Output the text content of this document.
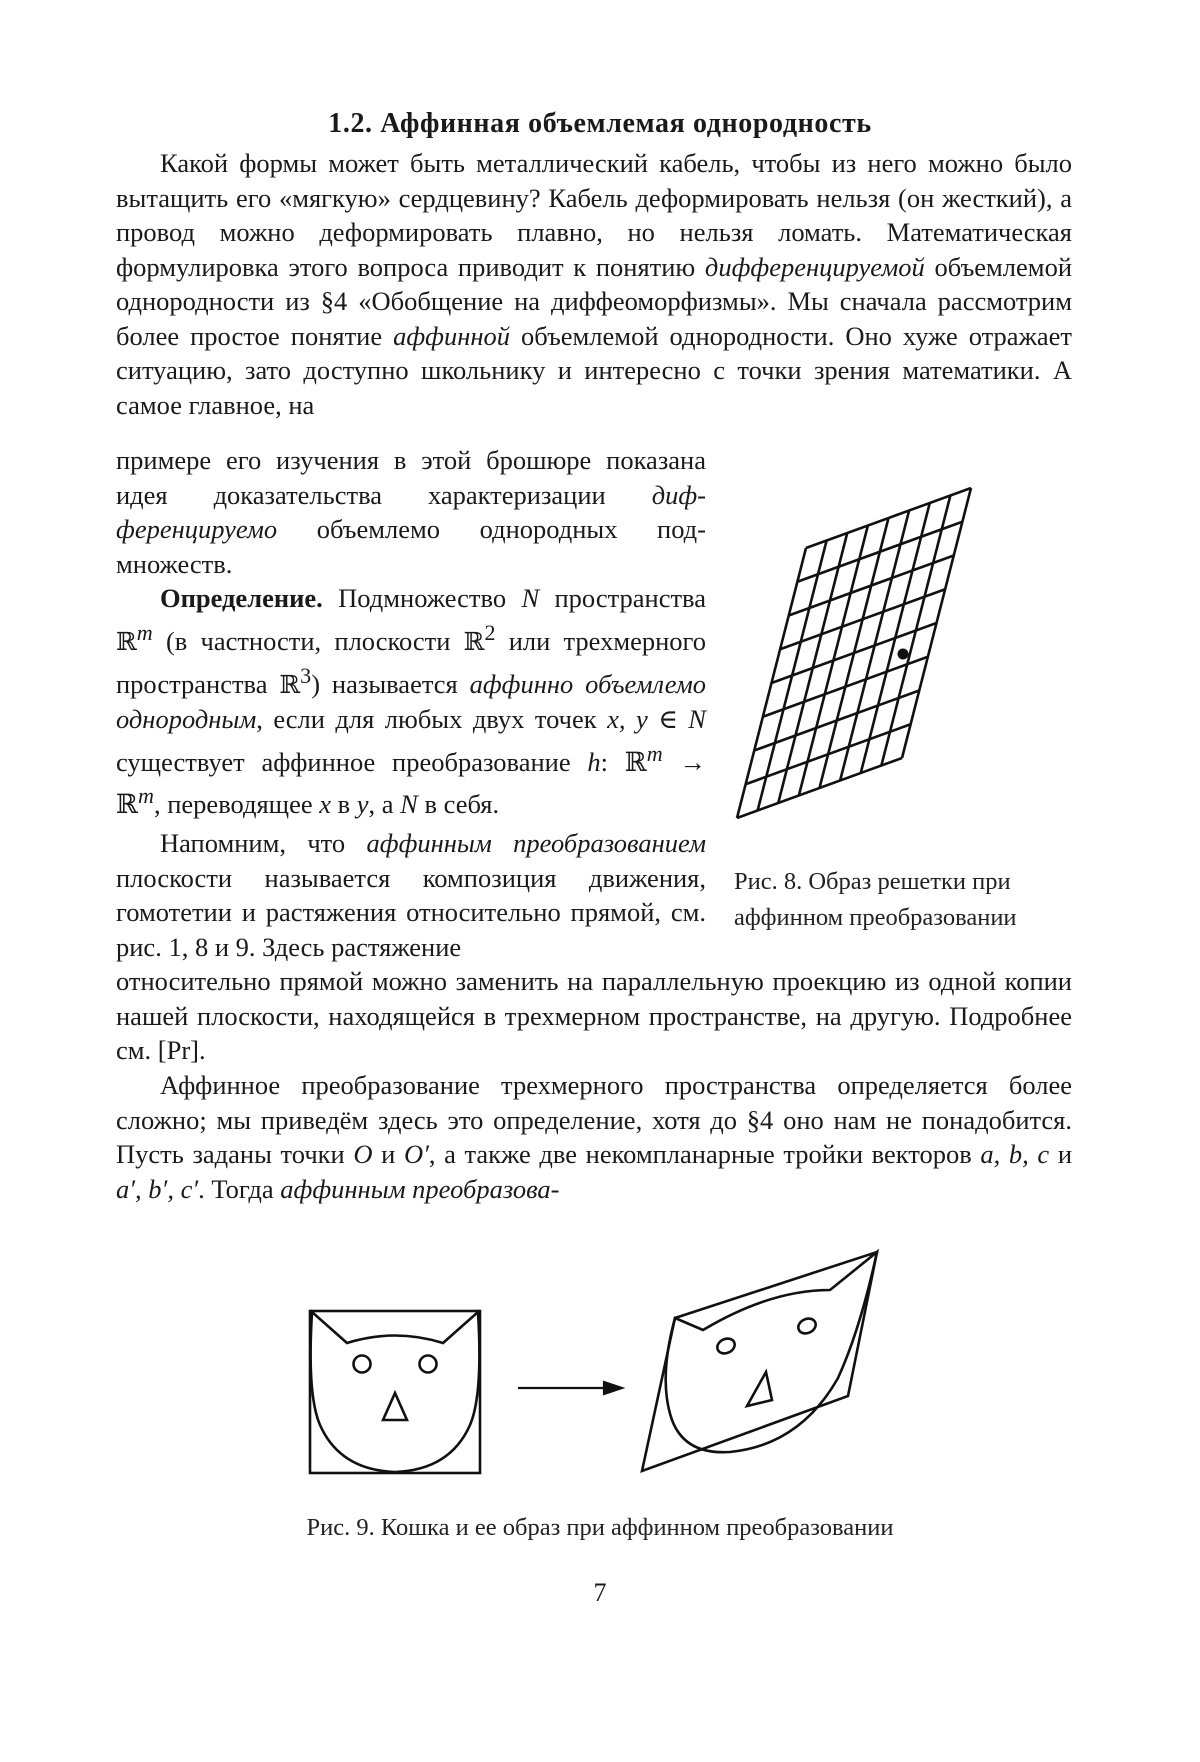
1.2. Аффинная объемлемая однородность

Какой формы может быть металлический кабель, чтобы из него можно было вытащить его «мягкую» сердцевину? Кабель деформировать нельзя (он жесткий), а провод можно деформировать плавно, но нельзя ломать. Математическая формулировка этого вопроса приводит к понятию дифференцируемой объемлемой однородности из §4 «Обобщение на диффеоморфизмы». Мы сначала рассмотрим более простое понятие аффинной объемлемой однородности. Оно хуже отражает ситуацию, зато доступно школьнику и интересно с точки зрения математики. А самое главное, на

примере его изучения в этой брошюре показана идея доказательства характеризации дифференцируемо объемлемо однородных подмножеств.

Определение. Подмножество N пространства ℝ$^m$ (в частности, плоскости ℝ$^2$ или трехмерного пространства ℝ$^3$) называется аффинно объемлемо однородным, если для любых двух точек x, y ∈ N существует аффинное преобразование h: ℝ$^m$ → ℝ$^m$, переводящее x в y, а N в себя.

Напомним, что аффинным преобразованием плоскости называется композиция движения, гомотетии и растяжения относительно прямой, см. рис. 1, 8 и 9. Здесь растяжение

относительно прямой можно заменить на параллельную проекцию из одной копии нашей плоскости, находящейся в трехмерном пространстве, на другую. Подробнее см. [Pr].

Аффинное преобразование трехмерного пространства определяется более сложно; мы приведём здесь это определение, хотя до §4 оно нам не понадобится. Пусть заданы точки O и O′, а также две некомпланарные тройки векторов a, b, c и a′, b′, c′. Тогда аффинным преобразова-

Рис. 8. Образ решетки при аффинном преобразовании
Рис. 9. Кошка и ее образ при аффинном преобразовании
7
